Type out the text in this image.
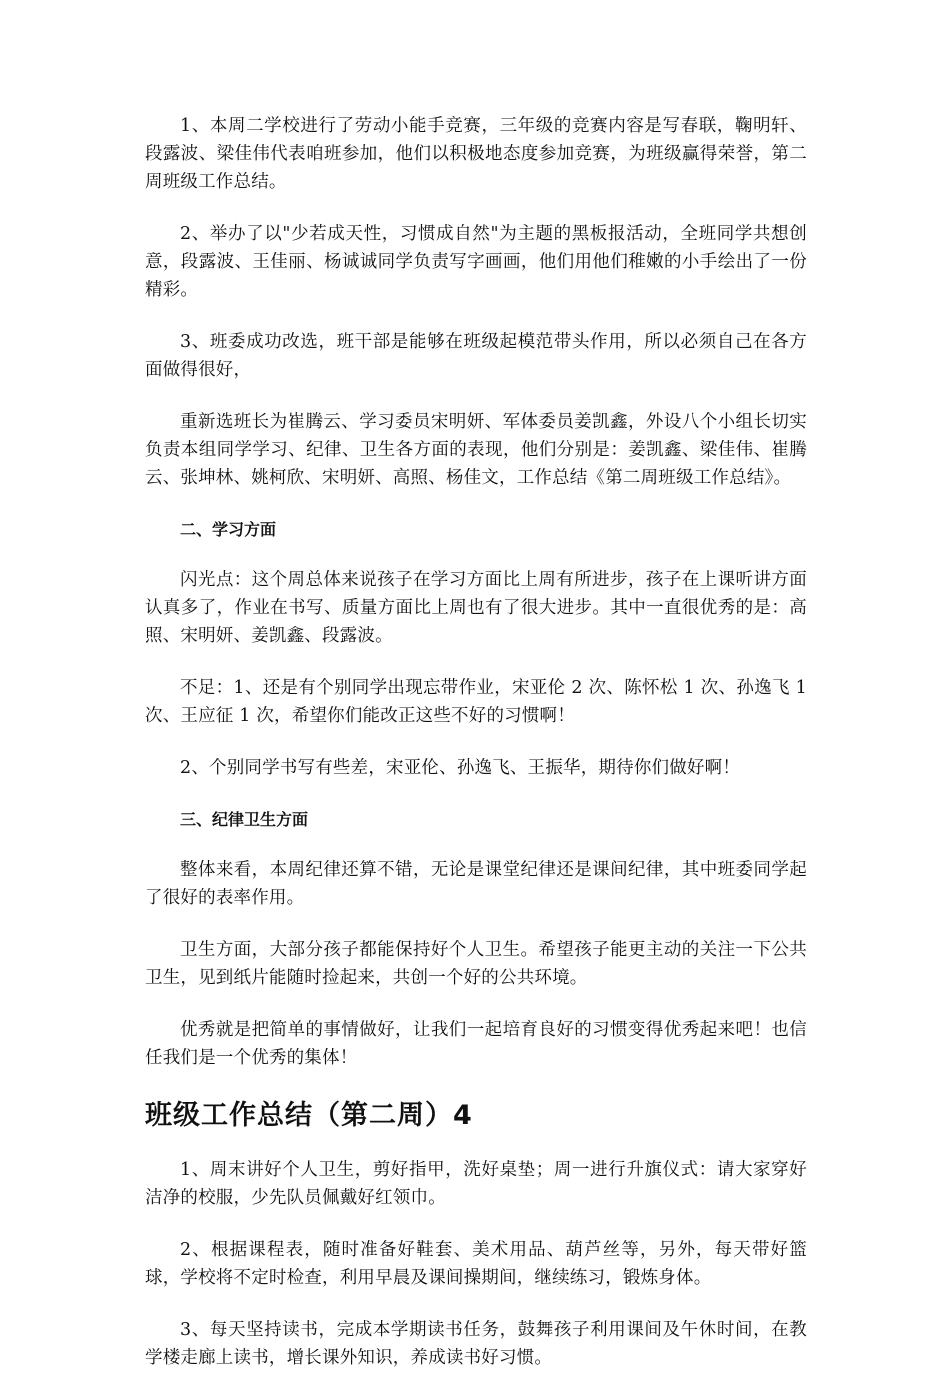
1、本周二学校进行了劳动小能手竞赛，三年级的竞赛内容是写春联，鞠明轩、段露波、梁佳伟代表咱班参加，他们以积极地态度参加竞赛，为班级赢得荣誉，第二周班级工作总结。

2、举办了以"少若成天性，习惯成自然"为主题的黑板报活动，全班同学共想创意，段露波、王佳丽、杨诚诚同学负责写字画画，他们用他们稚嫩的小手绘出了一份精彩。

3、班委成功改选，班干部是能够在班级起模范带头作用，所以必须自己在各方面做得很好，

重新选班长为崔腾云、学习委员宋明妍、军体委员姜凯鑫，外设八个小组长切实负责本组同学学习、纪律、卫生各方面的表现，他们分别是：姜凯鑫、梁佳伟、崔腾云、张坤林、姚柯欣、宋明妍、高照、杨佳文，工作总结《第二周班级工作总结》。

二、学习方面

闪光点：这个周总体来说孩子在学习方面比上周有所进步，孩子在上课听讲方面认真多了，作业在书写、质量方面比上周也有了很大进步。其中一直很优秀的是：高照、宋明妍、姜凯鑫、段露波。

不足：1、还是有个别同学出现忘带作业，宋亚伦 2 次、陈怀松 1 次、孙逸飞 1 次、王应征 1 次，希望你们能改正这些不好的习惯啊！

2、个别同学书写有些差，宋亚伦、孙逸飞、王振华，期待你们做好啊！

三、纪律卫生方面

整体来看，本周纪律还算不错，无论是课堂纪律还是课间纪律，其中班委同学起了很好的表率作用。

卫生方面，大部分孩子都能保持好个人卫生。希望孩子能更主动的关注一下公共卫生，见到纸片能随时捡起来，共创一个好的公共环境。

优秀就是把简单的事情做好，让我们一起培育良好的习惯变得优秀起来吧！也信任我们是一个优秀的集体！

班级工作总结（第二周）4

1、周末讲好个人卫生，剪好指甲，洗好桌垫；周一进行升旗仪式：请大家穿好洁净的校服，少先队员佩戴好红领巾。

2、根据课程表，随时准备好鞋套、美术用品、葫芦丝等，另外，每天带好篮球，学校将不定时检查，利用早晨及课间操期间，继续练习，锻炼身体。

3、每天坚持读书，完成本学期读书任务，鼓舞孩子利用课间及午休时间，在教学楼走廊上读书，增长课外知识，养成读书好习惯。
